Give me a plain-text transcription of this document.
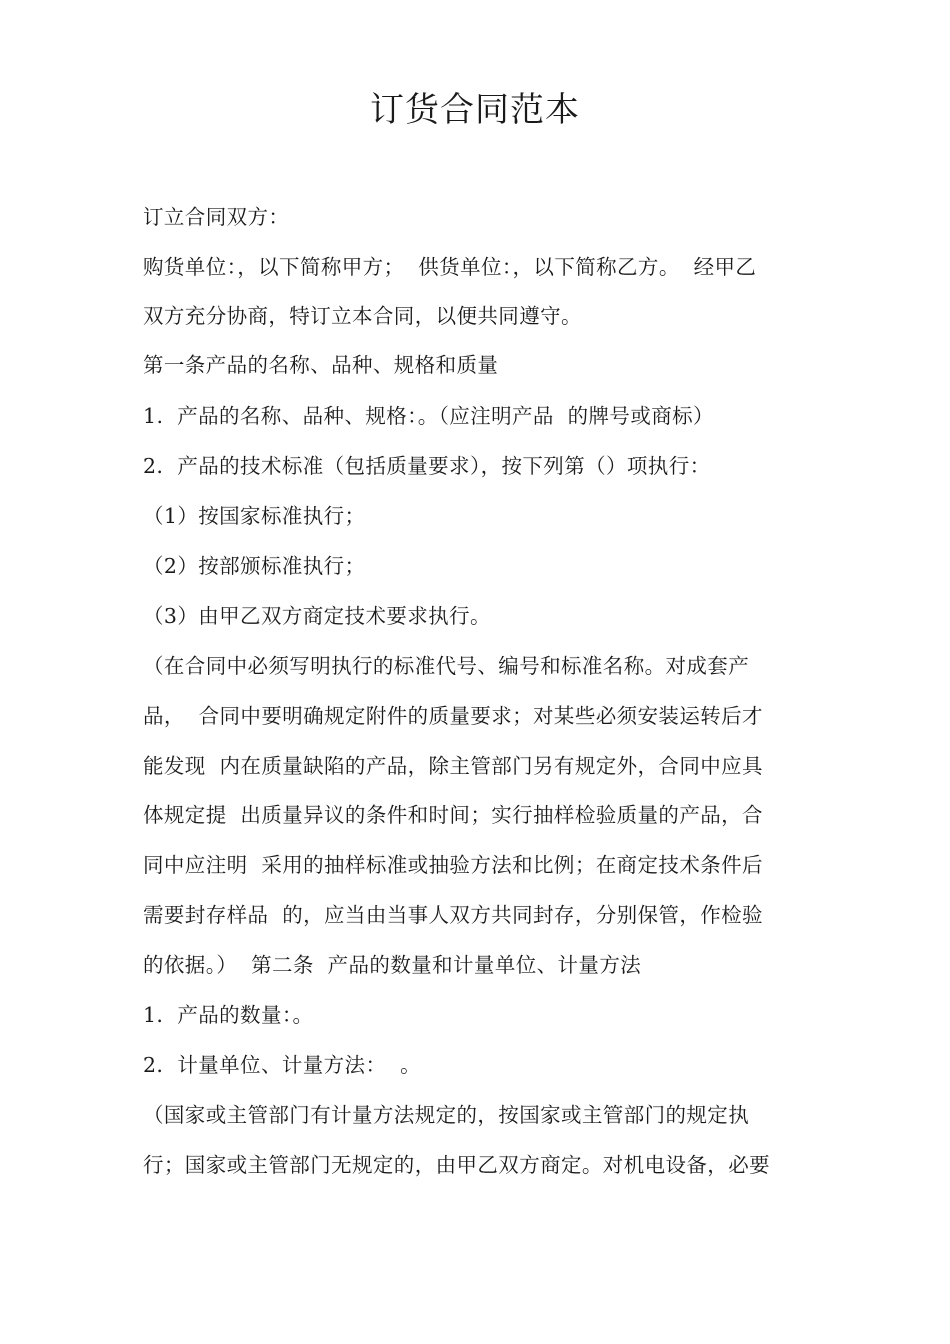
订货合同范本
订立合同双方：
购货单位：，以下简称甲方；  供货单位：，以下简称乙方。  经甲乙
双方充分协商，特订立本合同，以便共同遵守。
第一条产品的名称、品种、规格和质量
1.  产品的名称、品种、规格：。（应注明产品  的牌号或商标）
2．产品的技术标准（包括质量要求），按下列第（）项执行：
（1）按国家标准执行；
（2）按部颁标准执行；
（3）由甲乙双方商定技术要求执行。
（在合同中必须写明执行的标准代号、编号和标准名称。对成套产
品，  合同中要明确规定附件的质量要求；对某些必须安装运转后才
能发现  内在质量缺陷的产品，除主管部门另有规定外，合同中应具
体规定提  出质量异议的条件和时间；实行抽样检验质量的产品，合
同中应注明  采用的抽样标准或抽验方法和比例；在商定技术条件后
需要封存样品  的，应当由当事人双方共同封存，分别保管，作检验
的依据。）  第二条  产品的数量和计量单位、计量方法
1．产品的数量：。
2．计量单位、计量方法：  。
（国家或主管部门有计量方法规定的，按国家或主管部门的规定执
行；国家或主管部门无规定的，由甲乙双方商定。对机电设备，必要
